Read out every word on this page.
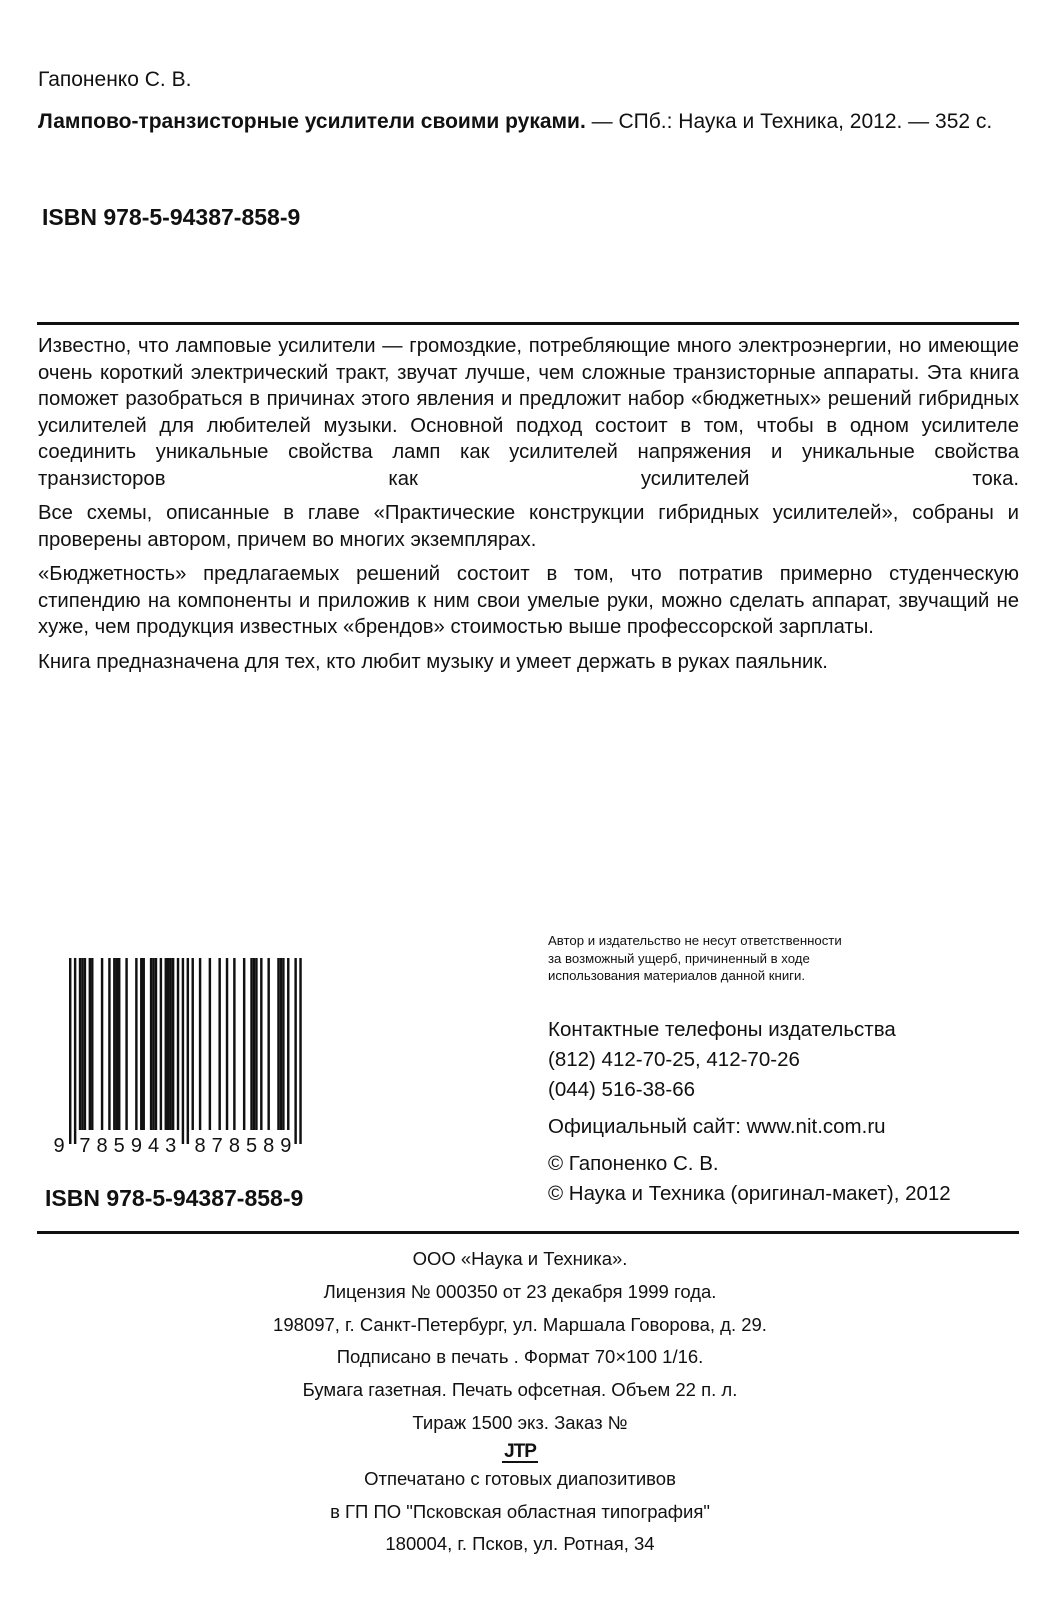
Гапоненко С. В.
Лампово-транзисторные усилители своими руками. — СПб.: Наука и Техника, 2012. — 352 с.
ISBN 978-5-94387-858-9

Известно, что ламповые усилители — громоздкие, потребляющие много электроэнергии, но имеющие очень короткий электрический тракт, звучат лучше, чем сложные транзисторные аппараты. Эта книга поможет разобраться в причинах этого явления и предложит набор «бюджетных» решений гибридных усилителей для любителей музыки. Основной подход состоит в том, чтобы в одном усилителе соединить уникальные свойства ламп как усилителей напряжения и уникальные свойства транзисторов как усилителей тока.

Все схемы, описанные в главе «Практические конструкции гибридных усилителей», собраны и проверены автором, причем во многих экземплярах.

«Бюджетность» предлагаемых решений состоит в том, что потратив примерно студенческую стипендию на компоненты и приложив к ним свои умелые руки, можно сделать аппарат, звучащий не хуже, чем продукция известных «брендов» стоимостью выше профессорской зарплаты.

Книга предназначена для тех, кто любит музыку и умеет держать в руках паяльник.

Автор и издательство не несут ответственности
за возможный ущерб, причиненный в ходе
использования материалов данной книги.
Контактные телефоны издательства
(812) 412-70-25, 412-70-26
(044) 516-38-66
Официальный сайт: www.nit.com.ru
© Гапоненко С. В.
© Наука и Техника (оригинал-макет), 2012
9 7 8 5 9 4 3 8 7 8 5 8 9
ISBN 978-5-94387-858-9
ООО «Наука и Техника».
Лицензия № 000350 от 23 декабря 1999 года.
198097, г. Санкт-Петербург, ул. Маршала Говорова, д. 29.
Подписано в печать . Формат 70×100 1/16.
Бумага газетная. Печать офсетная. Объем 22 п. л.
Тираж 1500 экз. Заказ №
JTP
Отпечатано с готовых диапозитивов
в ГП ПО "Псковская областная типография"
180004, г. Псков, ул. Ротная, 34
